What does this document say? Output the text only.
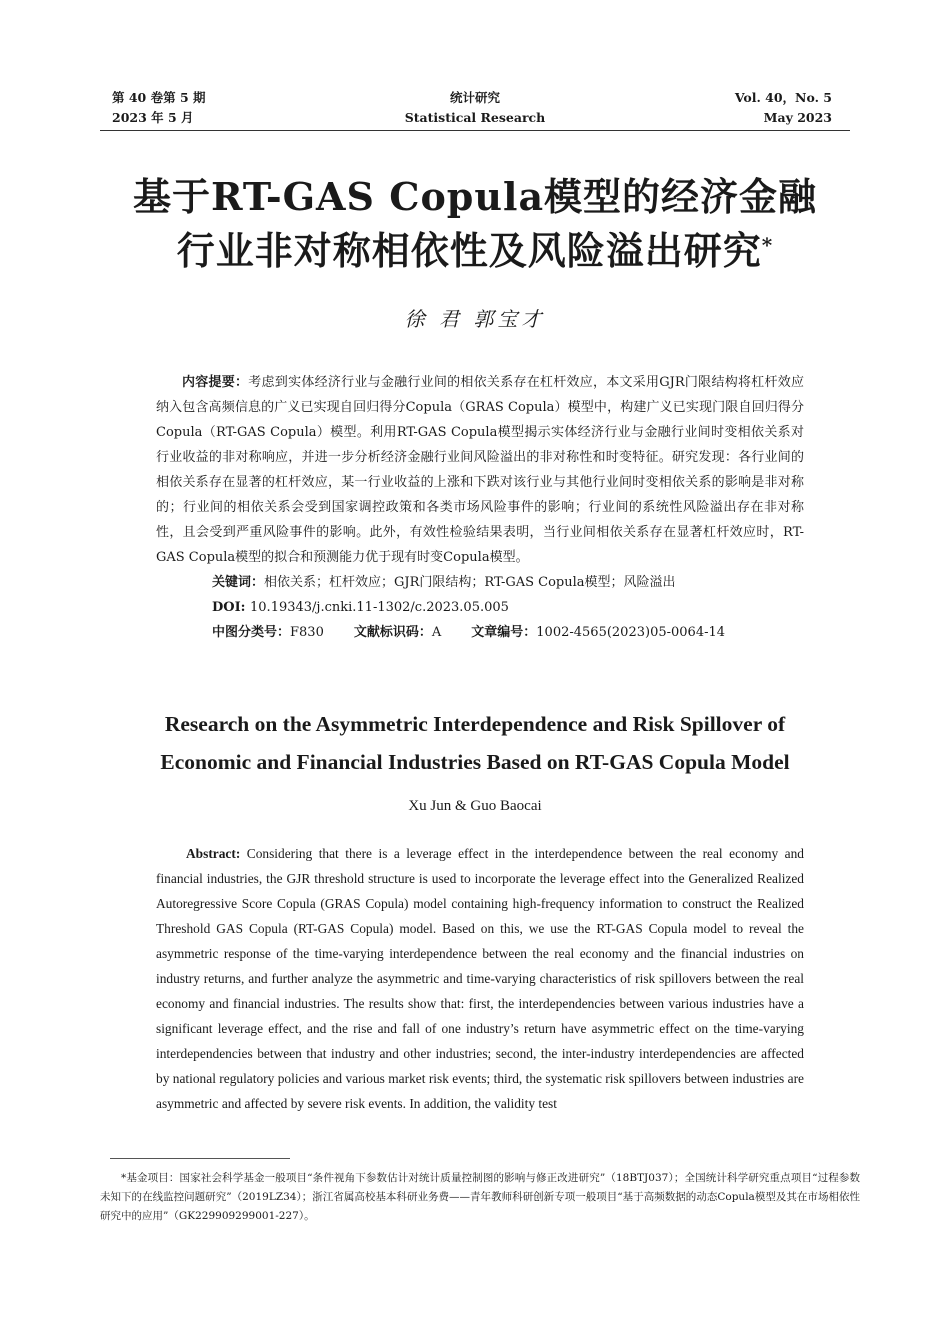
第 40 卷第 5 期
2023 年 5 月
统计研究
Statistical Research
Vol. 40，No. 5
May 2023
基于RT-GAS Copula模型的经济金融
行业非对称相依性及风险溢出研究*
徐 君 郭宝才

内容提要：考虑到实体经济行业与金融行业间的相依关系存在杠杆效应，本文采用GJR门限结构将杠杆效应纳入包含高频信息的广义已实现自回归得分Copula（GRAS Copula）模型中，构建广义已实现门限自回归得分Copula（RT-GAS Copula）模型。利用RT-GAS Copula模型揭示实体经济行业与金融行业间时变相依关系对行业收益的非对称响应，并进一步分析经济金融行业间风险溢出的非对称性和时变特征。研究发现：各行业间的相依关系存在显著的杠杆效应，某一行业收益的上涨和下跌对该行业与其他行业间时变相依关系的影响是非对称的；行业间的相依关系会受到国家调控政策和各类市场风险事件的影响；行业间的系统性风险溢出存在非对称性，且会受到严重风险事件的影响。此外，有效性检验结果表明，当行业间相依关系存在显著杠杆效应时，RT-GAS Copula模型的拟合和预测能力优于现有时变Copula模型。

关键词：相依关系；杠杆效应；GJR门限结构；RT-GAS Copula模型；风险溢出

DOI: 10.19343/j.cnki.11-1302/c.2023.05.005

中图分类号：F830 文献标识码：A 文章编号：1002-4565(2023)05-0064-14

Research on the Asymmetric Interdependence and Risk Spillover of
Economic and Financial Industries Based on RT-GAS Copula Model
Xu Jun & Guo Baocai

Abstract: Considering that there is a leverage effect in the interdependence between the real economy and financial industries, the GJR threshold structure is used to incorporate the leverage effect into the Generalized Realized Autoregressive Score Copula (GRAS Copula) model containing high-frequency information to construct the Realized Threshold GAS Copula (RT-GAS Copula) model. Based on this, we use the RT-GAS Copula model to reveal the asymmetric response of the time-varying interdependence between the real economy and the financial industries on industry returns, and further analyze the asymmetric and time-varying characteristics of risk spillovers between the real economy and financial industries. The results show that: first, the interdependencies between various industries have a significant leverage effect, and the rise and fall of one industry’s return have asymmetric effect on the time-varying interdependencies between that industry and other industries; second, the inter-industry interdependencies are affected by national regulatory policies and various market risk events; third, the systematic risk spillovers between industries are asymmetric and affected by severe risk events. In addition, the validity test

*基金项目：国家社会科学基金一般项目“条件视角下参数估计对统计质量控制图的影响与修正改进研究”（18BTJ037）；全国统计科学研究重点项目“过程参数未知下的在线监控问题研究”（2019LZ34）；浙江省属高校基本科研业务费——青年教师科研创新专项一般项目“基于高频数据的动态Copula模型及其在市场相依性研究中的应用”（GK229909299001-227）。
